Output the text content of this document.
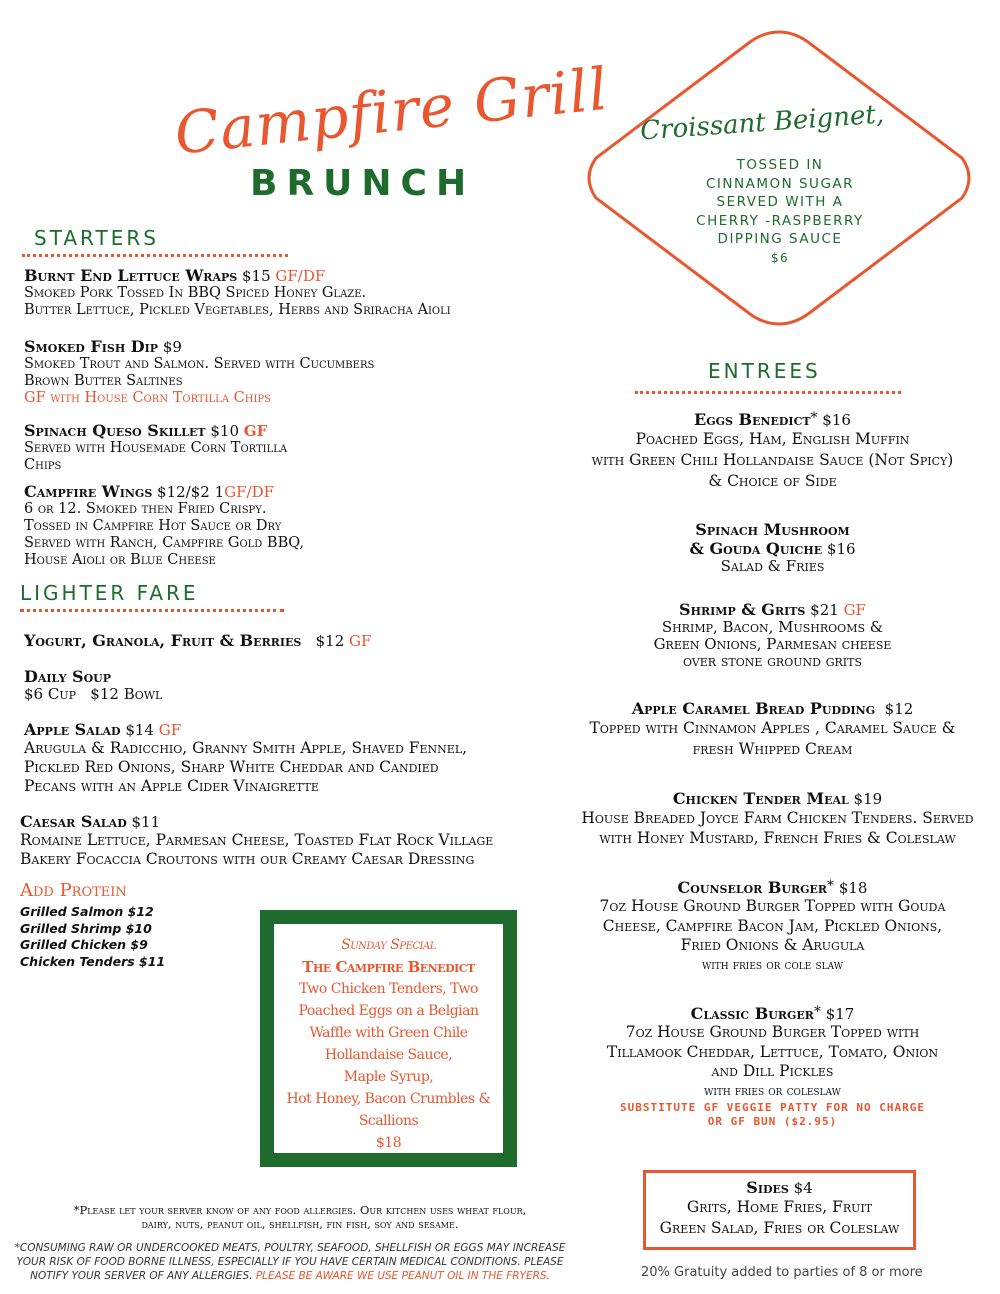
Campfire Grill
BRUNCH
Croissant Beignet,
TOSSED IN
CINNAMON SUGAR
SERVED WITH A
CHERRY -RASPBERRY
DIPPING SAUCE
$6
STARTERS
Burnt End Lettuce Wraps $15 GF/DF
Smoked Pork Tossed In BBQ Spiced Honey Glaze.
Butter Lettuce, Pickled Vegetables, Herbs and Sriracha Aioli
Smoked Fish Dip $9
Smoked Trout and Salmon. Served with Cucumbers
Brown Butter Saltines
GF with House Corn Tortilla Chips
Spinach Queso Skillet $10 GF
Served with Housemade Corn Tortilla
Chips
Campfire Wings $12/$2 1GF/DF
6 or 12. Smoked then Fried Crispy.
Tossed in Campfire Hot Sauce or Dry
Served with Ranch, Campfire Gold BBQ,
House Aioli or Blue Cheese
LIGHTER FARE
Yogurt, Granola, Fruit & Berries   $12 GF
Daily Soup
$6 Cup   $12 Bowl
Apple Salad $14 GF
Arugula & Radicchio, Granny Smith Apple, Shaved Fennel,
Pickled Red Onions, Sharp White Cheddar and Candied
Pecans with an Apple Cider Vinaigrette
Caesar Salad $11
Romaine Lettuce, Parmesan Cheese, Toasted Flat Rock Village
Bakery Focaccia Croutons with our Creamy Caesar Dressing
Add Protein
Grilled Salmon $12
Grilled Shrimp $10
Grilled Chicken $9
Chicken Tenders $11
Sunday Special
The Campfire Benedict
Two Chicken Tenders, Two
Poached Eggs on a Belgian
Waffle with Green Chile
Hollandaise Sauce,
Maple Syrup,
Hot Honey, Bacon Crumbles &
Scallions
$18
ENTREES
Eggs Benedict* $16
Poached Eggs, Ham, English Muffin
with Green Chili Hollandaise Sauce (Not Spicy)
& Choice of Side
Spinach Mushroom
& Gouda Quiche $16
Salad & Fries
Shrimp & Grits $21 GF
Shrimp, Bacon, Mushrooms &
Green Onions, Parmesan cheese
over stone ground grits
Apple Caramel Bread Pudding  $12
Topped with Cinnamon Apples , Caramel Sauce &
fresh Whipped Cream
Chicken Tender Meal $19
House Breaded Joyce Farm Chicken Tenders. Served
with Honey Mustard, French Fries & Coleslaw
Counselor Burger* $18
7oz House Ground Burger Topped with Gouda
Cheese, Campfire Bacon Jam, Pickled Onions,
Fried Onions & Arugula
with fries or cole slaw
Classic Burger* $17
7oz House Ground Burger Topped with
Tillamook Cheddar, Lettuce, Tomato, Onion
and Dill Pickles
with fries or coleslaw
SUBSTITUTE GF VEGGIE PATTY FOR NO CHARGE
OR GF BUN ($2.95)
Sides $4
Grits, Home Fries, Fruit
Green Salad, Fries or Coleslaw
*Please let your server know of any food allergies. Our kitchen uses wheat flour,
dairy, nuts, peanut oil, shellfish, fin fish, soy and sesame.
*CONSUMING RAW OR UNDERCOOKED MEATS, POULTRY, SEAFOOD, SHELLFISH OR EGGS MAY INCREASE
YOUR RISK OF FOOD BORNE ILLNESS, ESPECIALLY IF YOU HAVE CERTAIN MEDICAL CONDITIONS. PLEASE
NOTIFY YOUR SERVER OF ANY ALLERGIES. PLEASE BE AWARE WE USE PEANUT OIL IN THE FRYERS.	20% Gratuity added to parties of 8 or more
